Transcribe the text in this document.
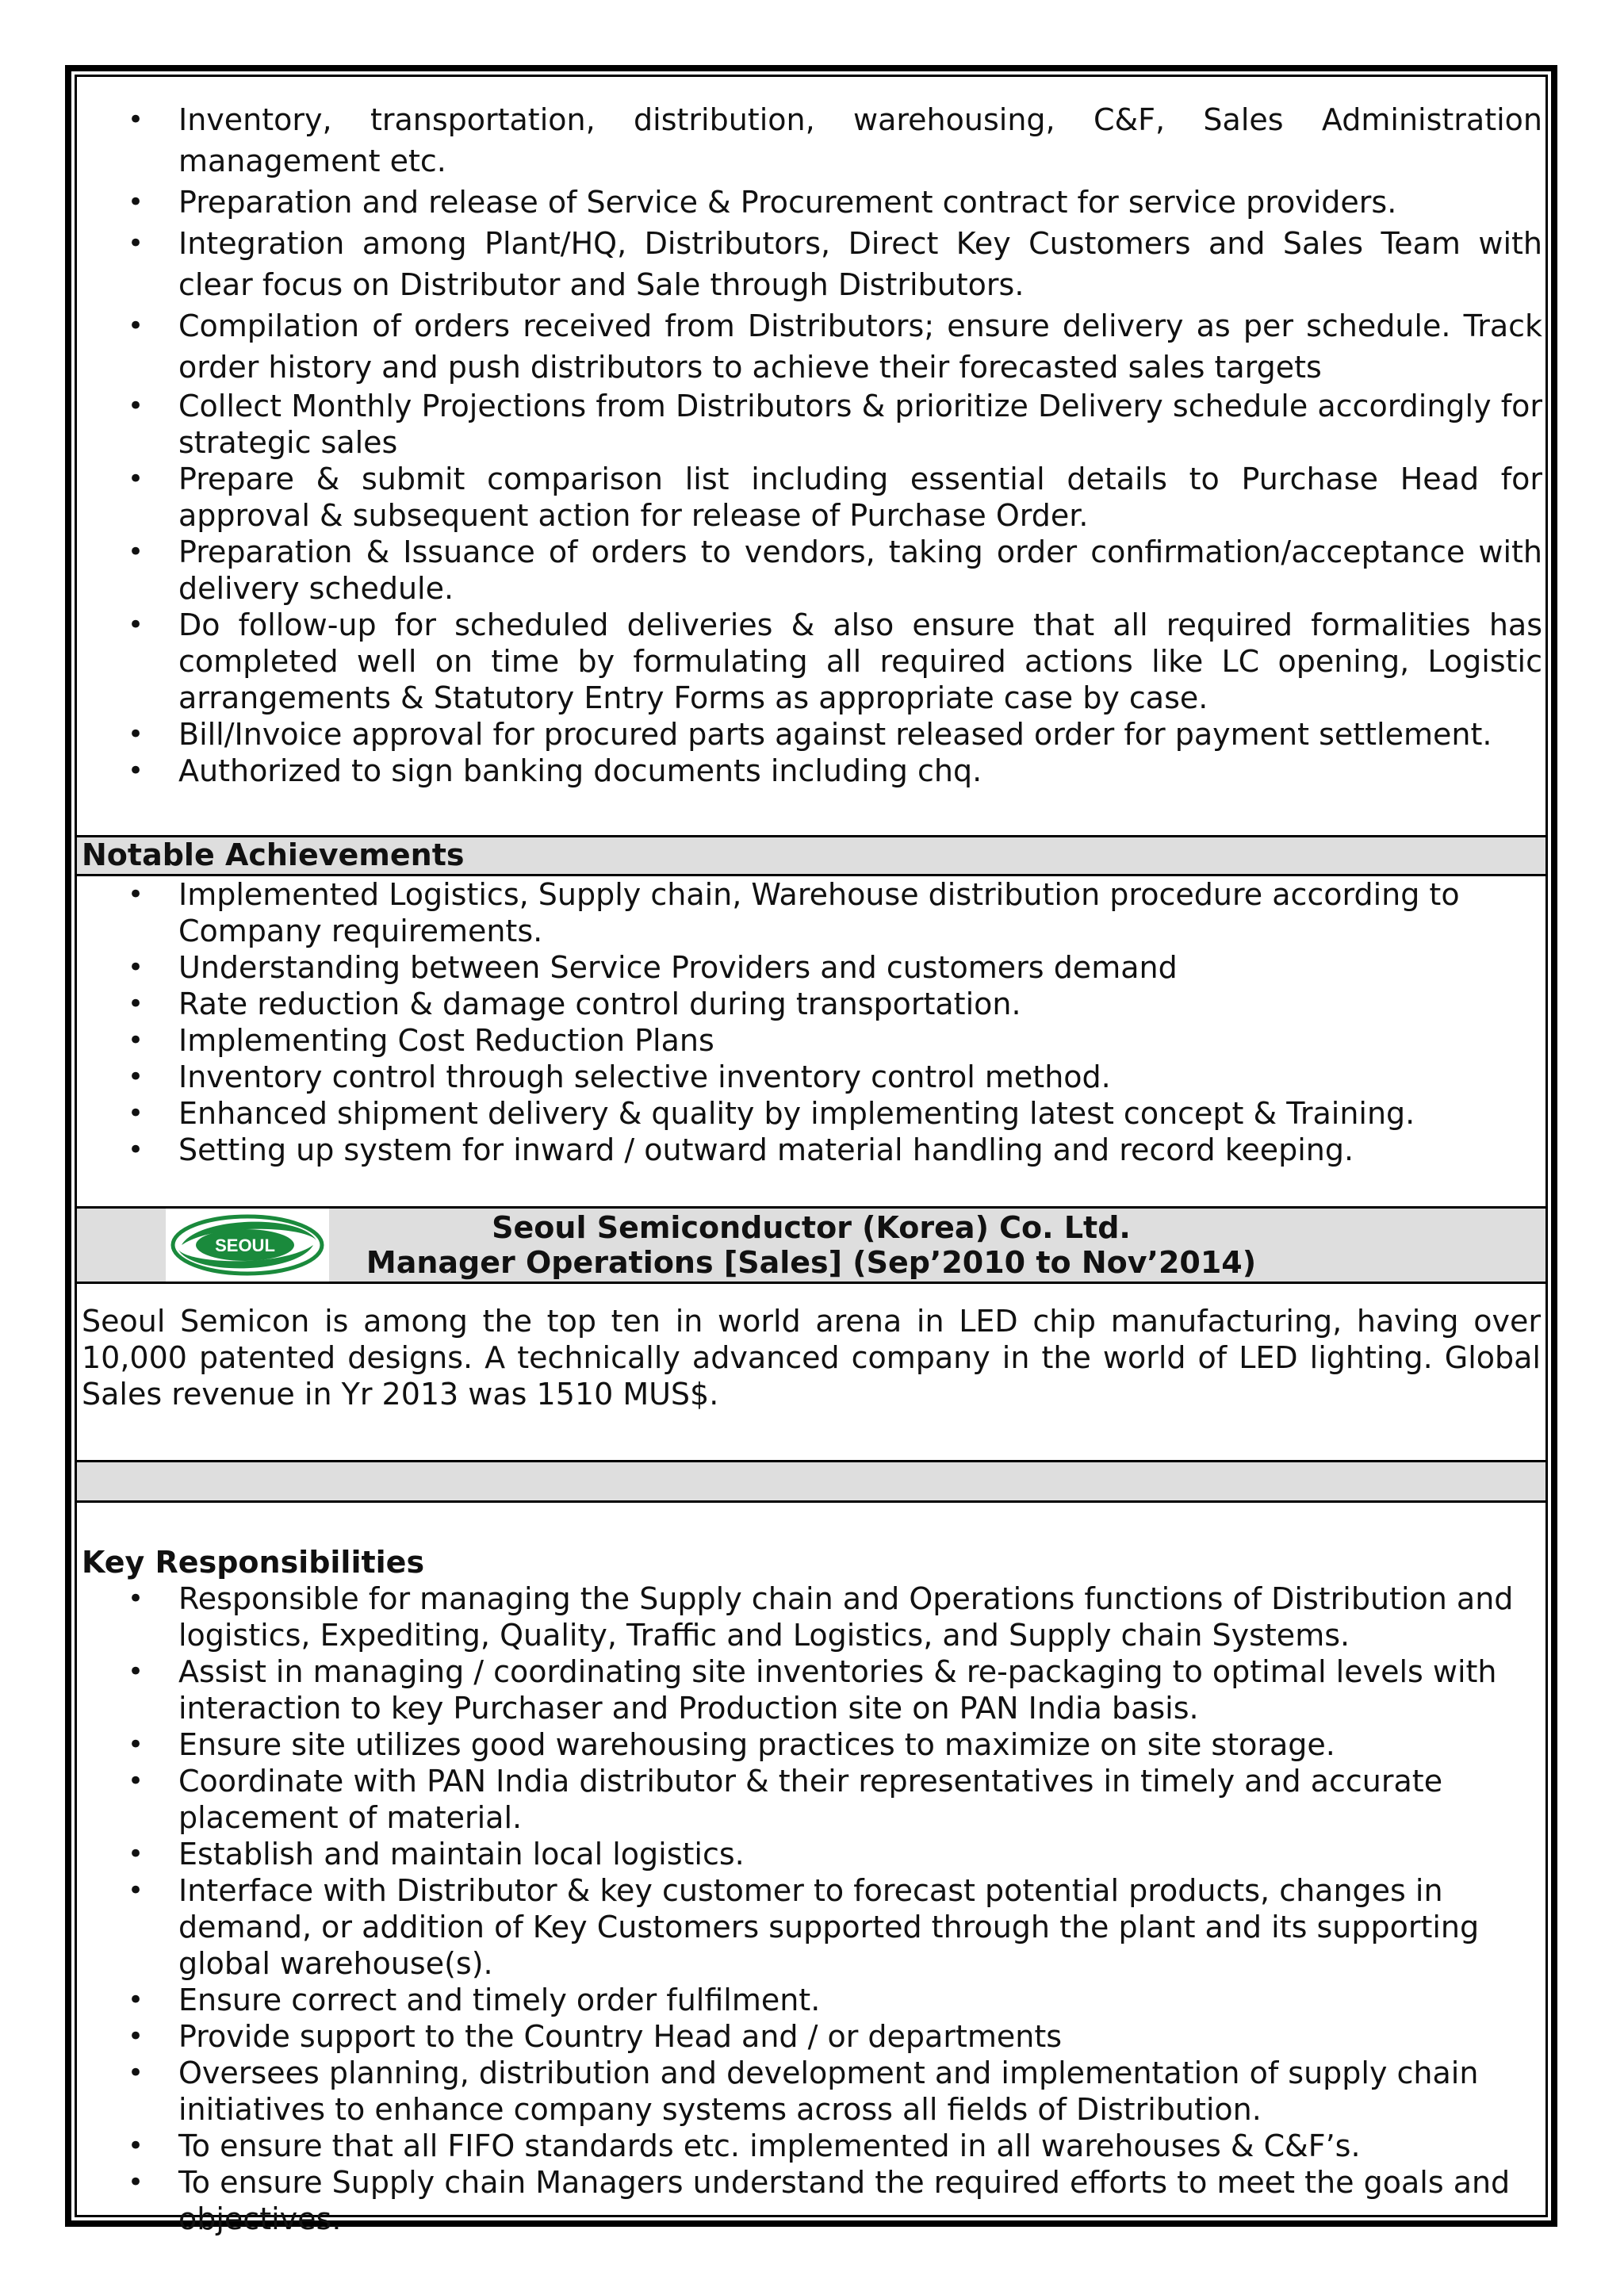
• Inventory, transportation, distribution, warehousing, C&F, Sales Administration management etc.
• Preparation and release of Service & Procurement contract for service providers.
• Integration among Plant/HQ, Distributors, Direct Key Customers and Sales Team with clear focus on Distributor and Sale through Distributors.
• Compilation of orders received from Distributors; ensure delivery as per schedule. Track order history and push distributors to achieve their forecasted sales targets
• Collect Monthly Projections from Distributors & prioritize Delivery schedule accordingly for strategic sales
• Prepare & submit comparison list including essential details to Purchase Head for approval & subsequent action for release of Purchase Order.
• Preparation & Issuance of orders to vendors, taking order confirmation/acceptance with delivery schedule.
• Do follow-up for scheduled deliveries & also ensure that all required formalities has completed well on time by formulating all required actions like LC opening, Logistic arrangements & Statutory Entry Forms as appropriate case by case.
• Bill/Invoice approval for procured parts against released order for payment settlement.
• Authorized to sign banking documents including chq.
Notable Achievements
• Implemented Logistics, Supply chain, Warehouse distribution procedure according to Company requirements.
• Understanding between Service Providers and customers demand
• Rate reduction & damage control during transportation.
• Implementing Cost Reduction Plans
• Inventory control through selective inventory control method.
• Enhanced shipment delivery & quality by implementing latest concept & Training.
• Setting up system for inward / outward material handling and record keeping.
SEOUL
Seoul Semiconductor (Korea) Co. Ltd.
Manager Operations [Sales] (Sep’2010 to Nov’2014)
Seoul Semicon is among the top ten in world arena in LED chip manufacturing, having over 10,000 patented designs. A technically advanced company in the world of LED lighting. Global Sales revenue in Yr 2013 was 1510 MUS$.
Key Responsibilities
• Responsible for managing the Supply chain and Operations functions of Distribution and logistics, Expediting, Quality, Traffic and Logistics, and Supply chain Systems.
• Assist in managing / coordinating site inventories & re-packaging to optimal levels with interaction to key Purchaser and Production site on PAN India basis.
• Ensure site utilizes good warehousing practices to maximize on site storage.
• Coordinate with PAN India distributor & their representatives in timely and accurate placement of material.
• Establish and maintain local logistics.
• Interface with Distributor & key customer to forecast potential products, changes in demand, or addition of Key Customers supported through the plant and its supporting global warehouse(s).
• Ensure correct and timely order fulfilment.
• Provide support to the Country Head and / or departments
• Oversees planning, distribution and development and implementation of supply chain initiatives to enhance company systems across all fields of Distribution.
• To ensure that all FIFO standards etc. implemented in all warehouses & C&F’s.
• To ensure Supply chain Managers understand the required efforts to meet the goals and objectives.
